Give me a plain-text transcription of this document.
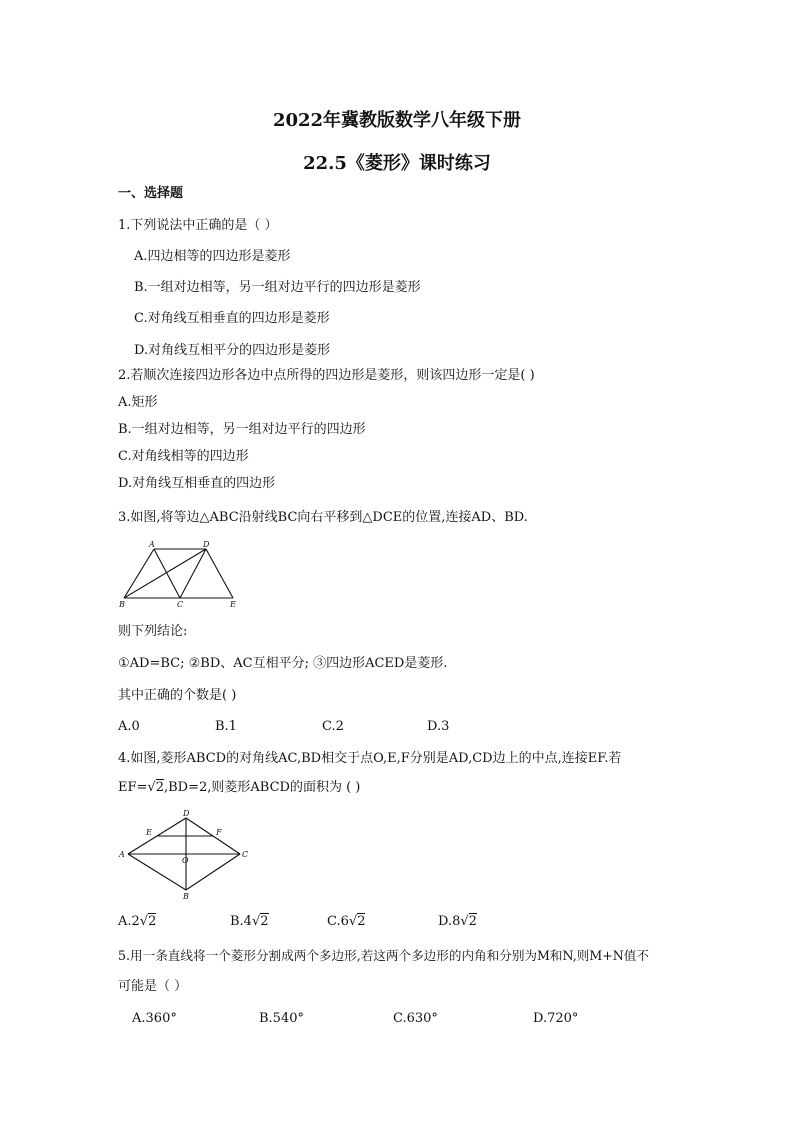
2022年冀教版数学八年级下册
22.5《菱形》课时练习
一、选择题
1.下列说法中正确的是（ ）
A.四边相等的四边形是菱形
B.一组对边相等，另一组对边平行的四边形是菱形
C.对角线互相垂直的四边形是菱形
D.对角线互相平分的四边形是菱形
2.若顺次连接四边形各边中点所得的四边形是菱形，则该四边形一定是( )
A.矩形
B.一组对边相等，另一组对边平行的四边形
C.对角线相等的四边形
D.对角线互相垂直的四边形
3.如图,将等边△ABC沿射线BC向右平移到△DCE的位置,连接AD、BD.
A	D
B	C	E
则下列结论:
①AD=BC; ②BD、AC互相平分; ③四边形ACED是菱形.
其中正确的个数是( )
A.0	B.1	C.2	D.3
4.如图,菱形ABCD的对角线AC,BD相交于点O,E,F分别是AD,CD边上的中点,连接EF.若
EF=√2,BD=2,则菱形ABCD的面积为 ( )
D
E	F
A
O
C
B
A.2√2	B.4√2	C.6√2	D.8√2
5.用一条直线将一个菱形分割成两个多边形,若这两个多边形的内角和分别为M和N,则M+N值不
可能是（ ）
A.360°	B.540°	C.630°	D.720°
